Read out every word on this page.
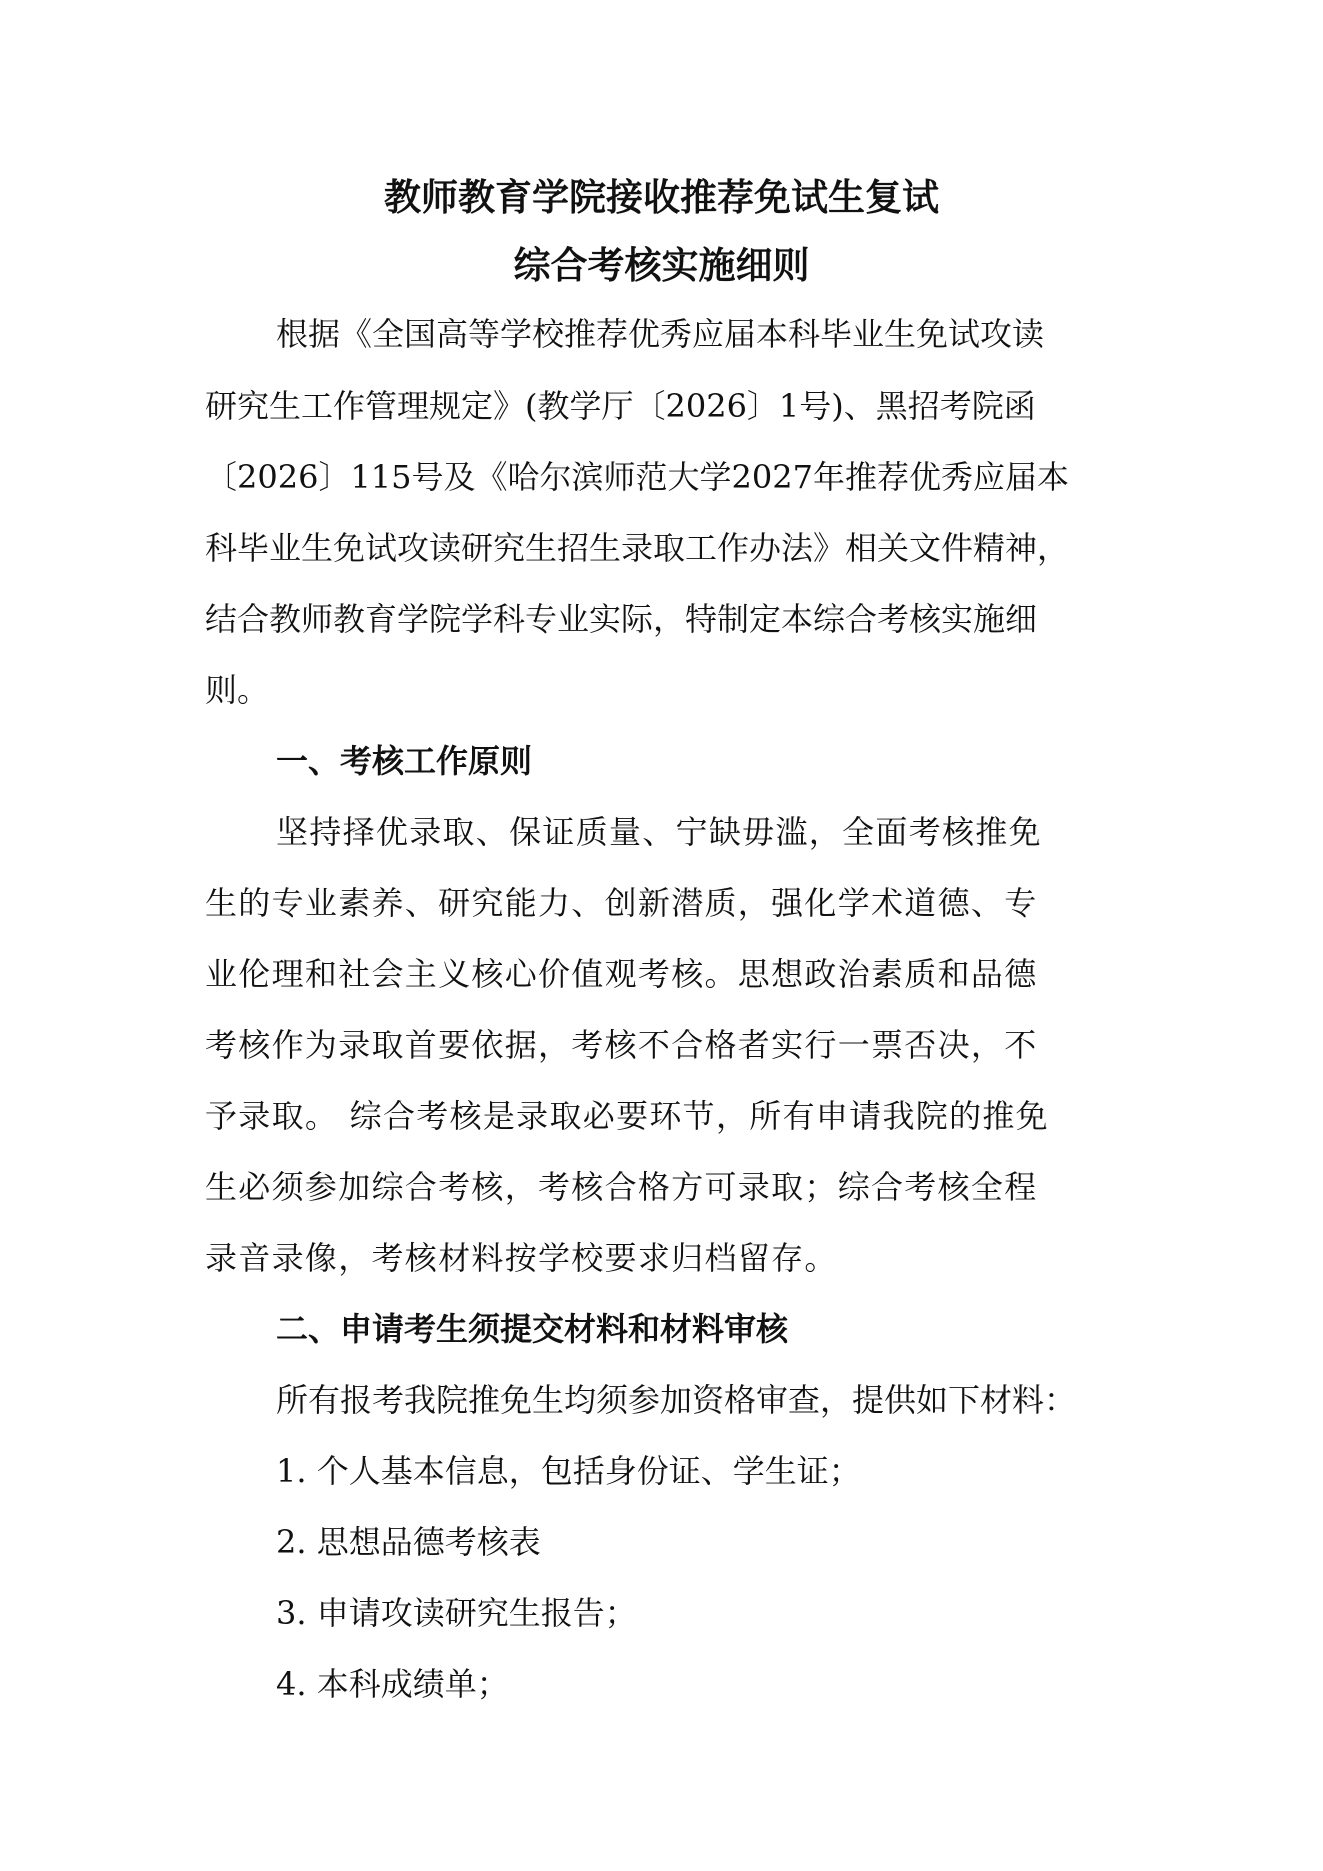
教师教育学院接收推荐免试生复试
综合考核实施细则
根据《全国高等学校推荐优秀应届本科毕业生免试攻读
研究生工作管理规定》(教学厅〔2026〕1号)、黑招考院函
〔2026〕115号及《哈尔滨师范大学2027年推荐优秀应届本
科毕业生免试攻读研究生招生录取工作办法》相关文件精神，
结合教师教育学院学科专业实际，特制定本综合考核实施细
则。
一、考核工作原则
坚持择优录取、保证质量、宁缺毋滥，全面考核推免
生的专业素养、研究能力、创新潜质，强化学术道德、专
业伦理和社会主义核心价值观考核。思想政治素质和品德
考核作为录取首要依据，考核不合格者实行一票否决，不
予录取。 综合考核是录取必要环节，所有申请我院的推免
生必须参加综合考核，考核合格方可录取；综合考核全程
录音录像，考核材料按学校要求归档留存。
二、申请考生须提交材料和材料审核
所有报考我院推免生均须参加资格审查，提供如下材料：
1. 个人基本信息，包括身份证、学生证；
2. 思想品德考核表
3. 申请攻读研究生报告；
4. 本科成绩单；
